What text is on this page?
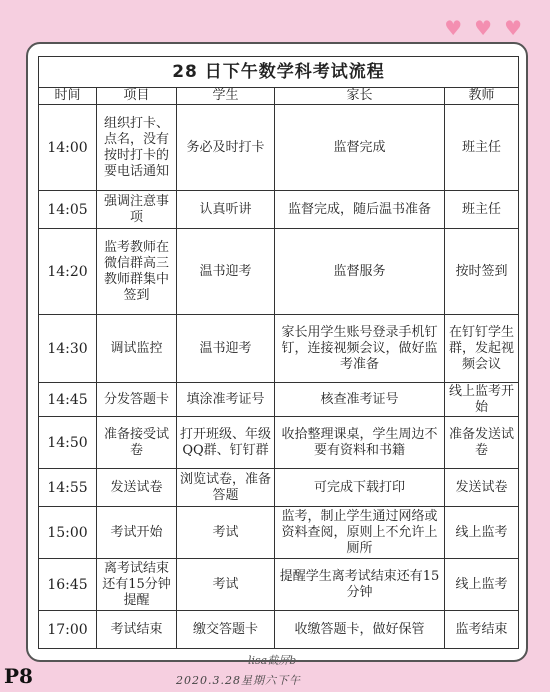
♥ ♥ ♥
28 日下午数学科考试流程				
时间	项目	学生	家长	教师
14:00	组织打卡、点名，没有按时打卡的要电话通知	务必及时打卡	监督完成	班主任
14:05	强调注意事项	认真听讲	监督完成，随后温书准备	班主任
14:20	监考教师在微信群高三教师群集中签到	温书迎考	监督服务	按时签到
14:30	调试监控	温书迎考	家长用学生账号登录手机钉钉，连接视频会议，做好监考准备	在钉钉学生群，发起视频会议
14:45	分发答题卡	填涂准考证号	核查准考证号	线上监考开始
14:50	准备接受试卷	打开班级、年级QQ群、钉钉群	收拾整理课桌，学生周边不要有资料和书籍	准备发送试卷
14:55	发送试卷	浏览试卷，准备答题	可完成下载打印	发送试卷
15:00	考试开始	考试	监考，制止学生通过网络或资料查阅，原则上不允许上厕所	线上监考
16:45	离考试结束还有15分钟提醒	考试	提醒学生离考试结束还有15分钟	线上监考
17:00	考试结束	缴交答题卡	收缴答题卡，做好保管	监考结束
P8
lisa截屏b
2020.3.28星期六下午
